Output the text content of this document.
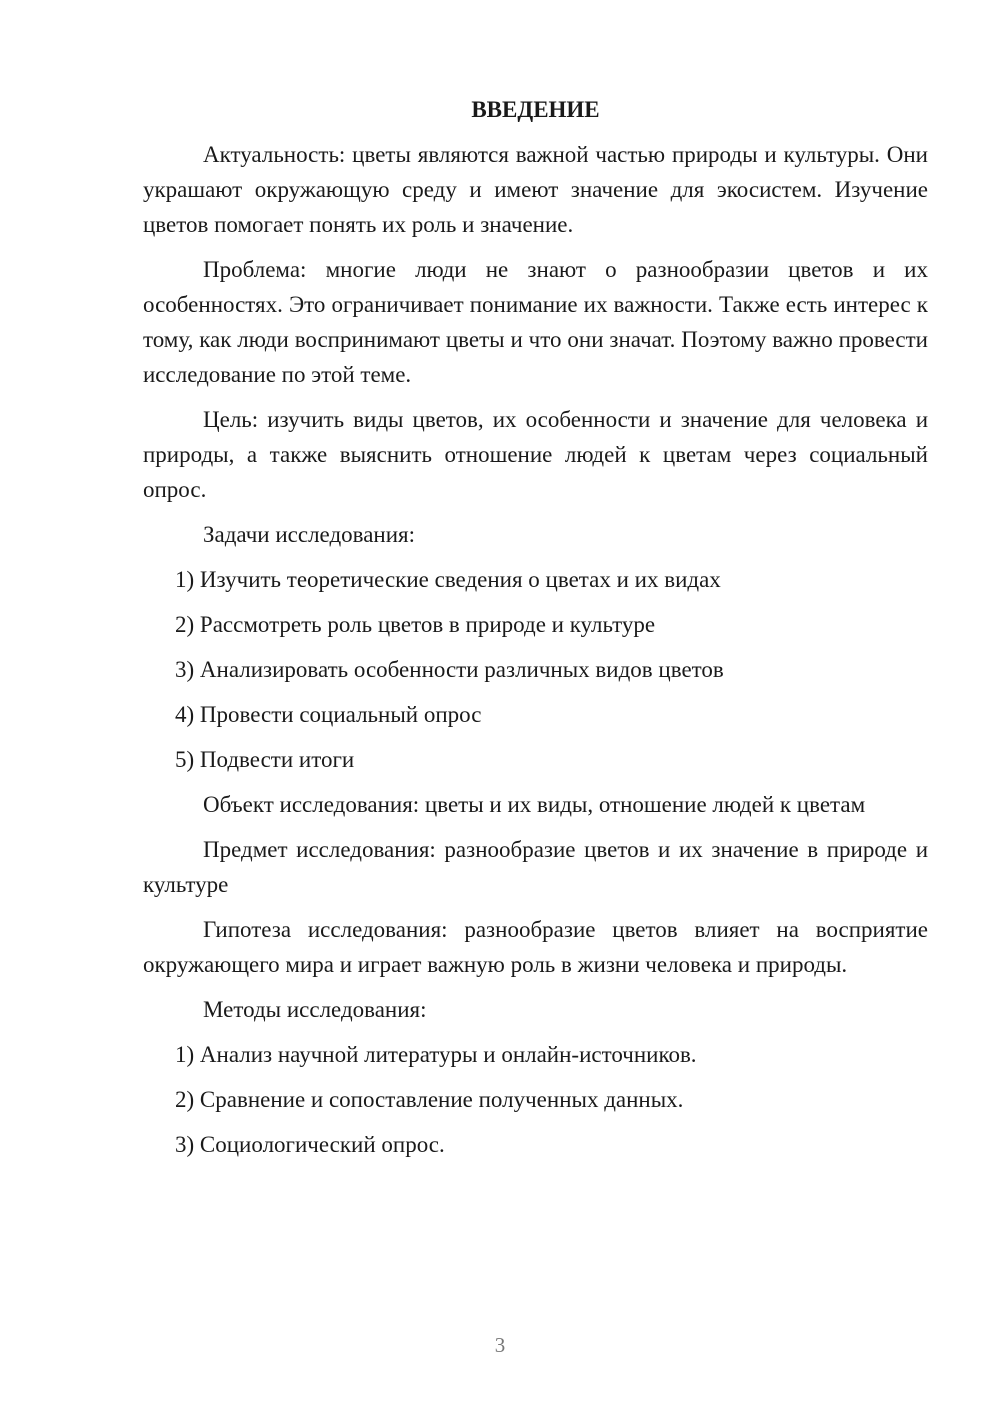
ВВЕДЕНИЕ

Актуальность: цветы являются важной частью природы и культуры. Они украшают окружающую среду и имеют значение для экосистем. Изучение цветов помогает понять их роль и значение.

Проблема: многие люди не знают о разнообразии цветов и их особенностях. Это ограничивает понимание их важности. Также есть интерес к тому, как люди воспринимают цветы и что они значат. Поэтому важно провести исследование по этой теме.

Цель: изучить виды цветов, их особенности и значение для человека и природы, а также выяснить отношение людей к цветам через социальный опрос.

Задачи исследования:

1) Изучить теоретические сведения о цветах и их видах
2) Рассмотреть роль цветов в природе и культуре
3) Анализировать особенности различных видов цветов
4) Провести социальный опрос
5) Подвести итоги

Объект исследования: цветы и их виды, отношение людей к цветам

Предмет исследования: разнообразие цветов и их значение в природе и культуре

Гипотеза исследования: разнообразие цветов влияет на восприятие окружающего мира и играет важную роль в жизни человека и природы.

Методы исследования:

1) Анализ научной литературы и онлайн-источников.
2) Сравнение и сопоставление полученных данных.
3) Социологический опрос.
3
